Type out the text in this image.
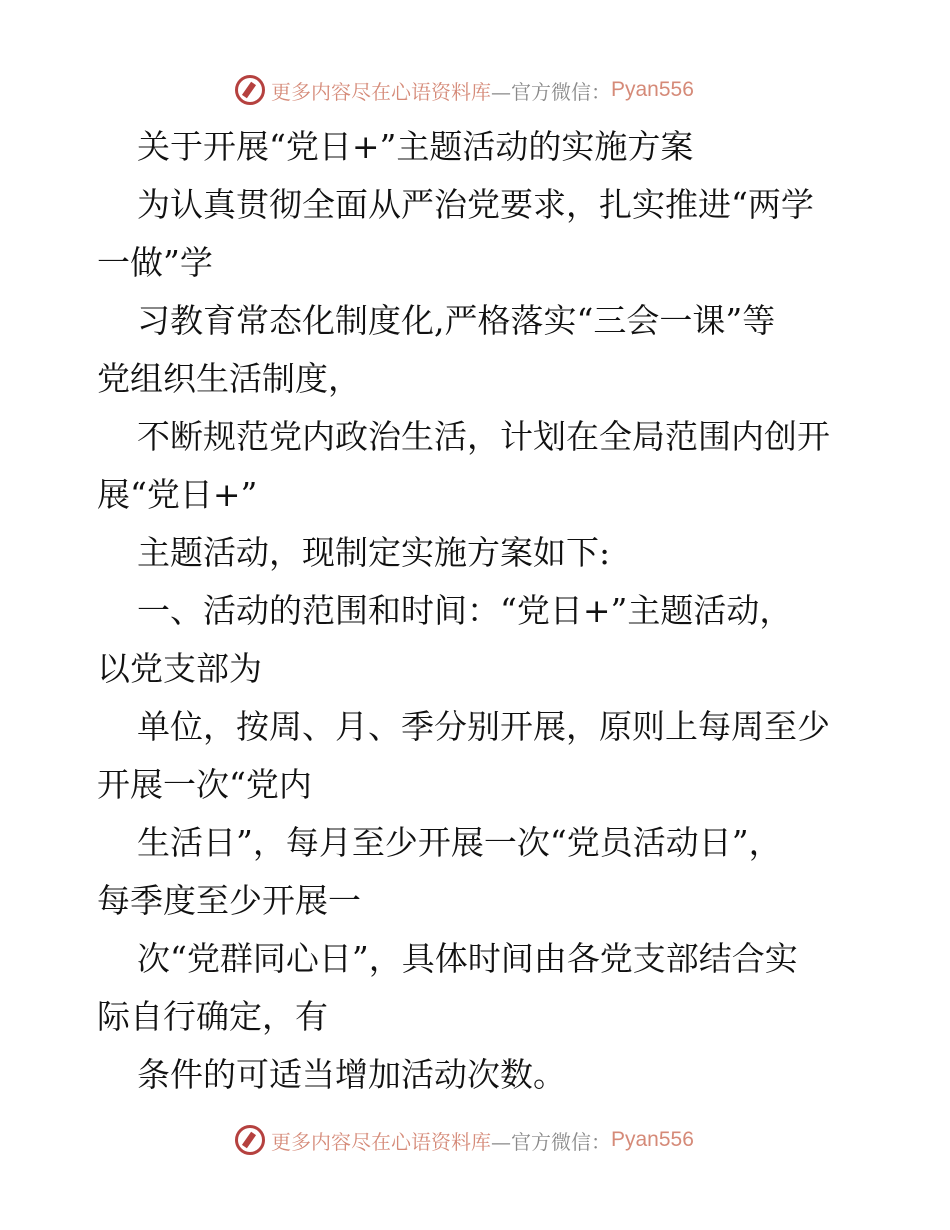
更多内容尽在心语资料库 —官方微信： Pyan556

关于开展“党日+”主题活动的实施方案

为认真贯彻全面从严治党要求，扎实推进“两学

一做”学

习教育常态化制度化,严格落实“三会一课”等

党组织生活制度，

不断规范党内政治生活，计划在全局范围内创开

展“党日+”

主题活动，现制定实施方案如下:

一、活动的范围和时间：“党日+”主题活动，

以党支部为

单位，按周、月、季分别开展，原则上每周至少

开展一次“党内

生活日”，每月至少开展一次“党员活动日”，

每季度至少开展一

次“党群同心日”，具体时间由各党支部结合实

际自行确定，有

条件的可适当增加活动次数。

更多内容尽在心语资料库 —官方微信： Pyan556
